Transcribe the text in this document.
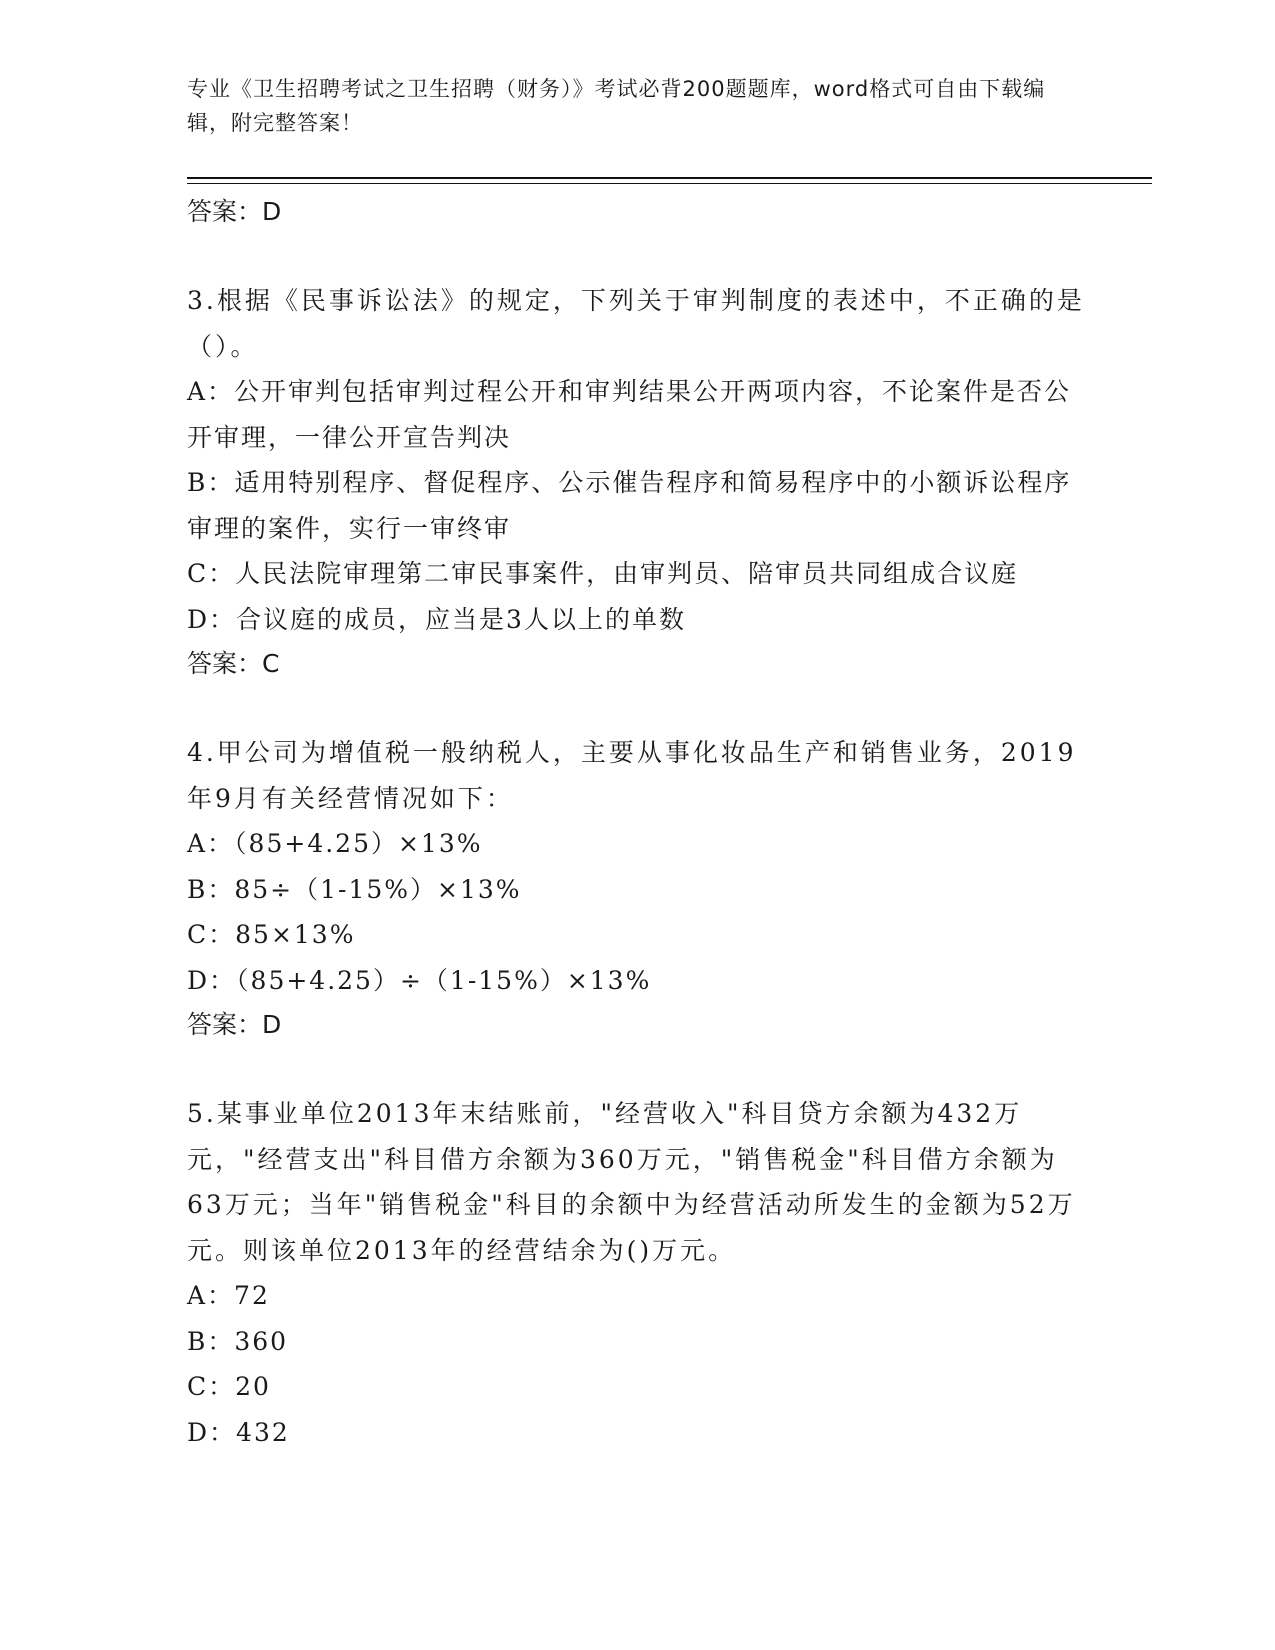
专业《卫生招聘考试之卫生招聘（财务）》考试必背200题题库，word格式可自由下载编辑，附完整答案！

答案：D

3.根据《民事诉讼法》的规定，下列关于审判制度的表述中，不正确的是（）。

A：公开审判包括审判过程公开和审判结果公开两项内容，不论案件是否公开审理，一律公开宣告判决

B：适用特别程序、督促程序、公示催告程序和简易程序中的小额诉讼程序审理的案件，实行一审终审

C：人民法院审理第二审民事案件，由审判员、陪审员共同组成合议庭

D：合议庭的成员，应当是3人以上的单数

答案：C

4.甲公司为增值税一般纳税人，主要从事化妆品生产和销售业务，2019年9月有关经营情况如下：

A：（85+4.25）×13%

B：85÷（1-15%）×13%

C：85×13%

D：（85+4.25）÷（1-15%）×13%

答案：D

5.某事业单位2013年末结账前，"经营收入"科目贷方余额为432万元，"经营支出"科目借方余额为360万元，"销售税金"科目借方余额为63万元；当年"销售税金"科目的余额中为经营活动所发生的金额为52万元。则该单位2013年的经营结余为()万元。

A：72

B：360

C：20

D：432
